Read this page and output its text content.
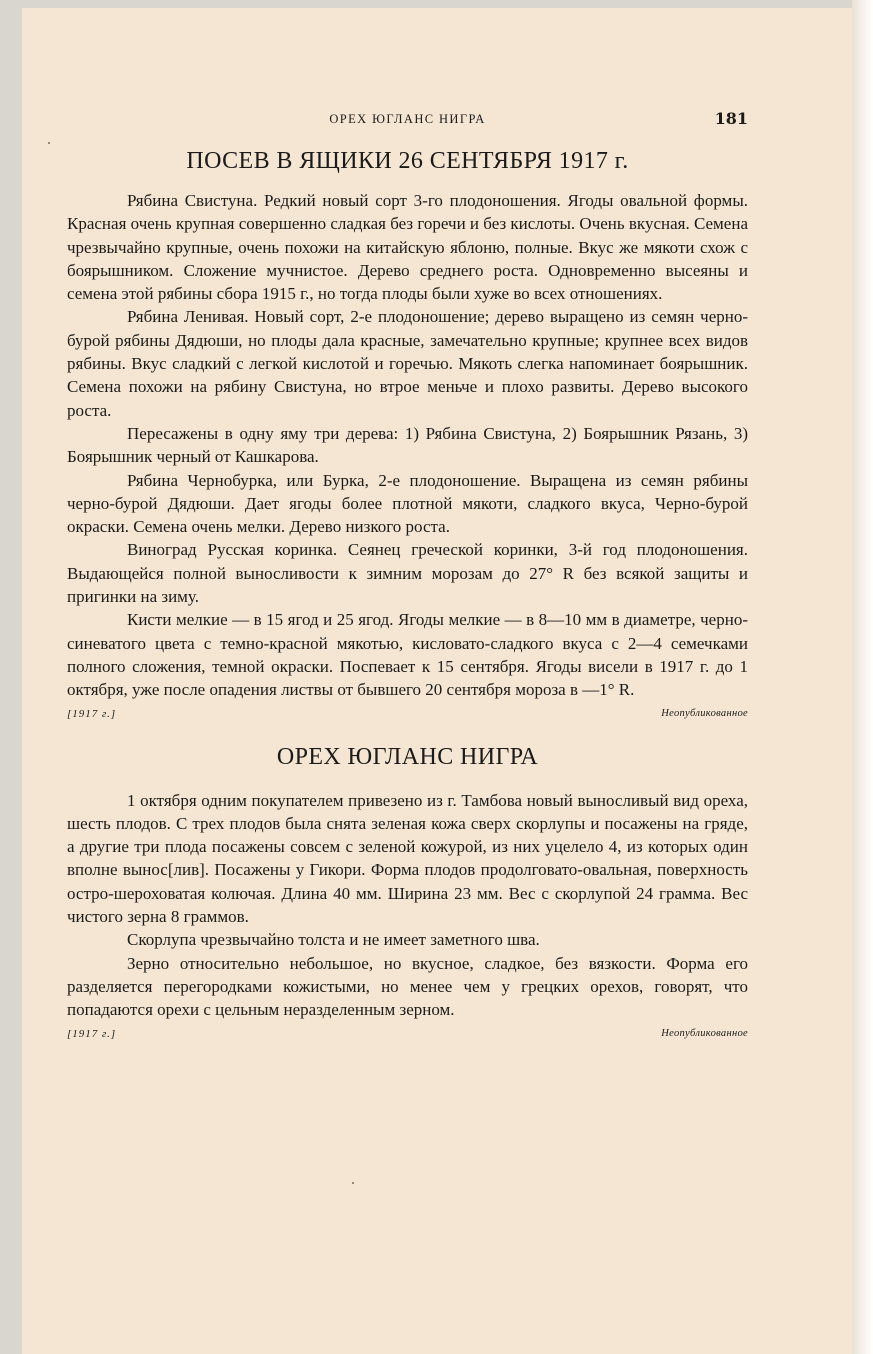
ОРЕХ ЮГЛАНС НИГРА	181
ПОСЕВ В ЯЩИКИ 26 СЕНТЯБРЯ 1917 г.

Рябина Свистуна. Редкий новый сорт 3-го плодоношения. Ягоды овальной формы. Красная очень крупная совершенно сладкая без горечи и без кислоты. Очень вкусная. Семена чрезвычайно крупные, очень похожи на китайскую яблоню, полные. Вкус же мякоти схож с боярышником. Сложение мучнистое. Дерево среднего роста. Одновременно высеяны и семена этой рябины сбора 1915 г., но тогда плоды были хуже во всех отношениях.

Рябина Ленивая. Новый сорт, 2-е плодоношение; дерево выращено из семян черно-бурой рябины Дядюши, но плоды дала красные, замечательно крупные; крупнее всех видов рябины. Вкус сладкий с легкой кислотой и горечью. Мякоть слегка напоминает боярышник. Семена похожи на рябину Свистуна, но втрое меньче и плохо развиты. Дерево высокого роста.

Пересажены в одну яму три дерева: 1) Рябина Свистуна, 2) Боярышник Рязань, 3) Боярышник черный от Кашкарова.

Рябина Чернобурка, или Бурка, 2-е плодоношение. Выращена из семян рябины черно-бурой Дядюши. Дает ягоды более плотной мякоти, сладкого вкуса, Черно-бурой окраски. Семена очень мелки. Дерево низкого роста.

Виноград Русская коринка. Сеянец греческой коринки, 3-й год плодоношения. Выдающейся полной выносливости к зимним морозам до 27° R без всякой защиты и пригинки на зиму.

Кисти мелкие — в 15 ягод и 25 ягод. Ягоды мелкие — в 8—10 мм в диаметре, черно-синеватого цвета с темно-красной мякотью, кисловато-сладкого вкуса с 2—4 семечками полного сложения, темной окраски. Поспевает к 15 сентября. Ягоды висели в 1917 г. до 1 октября, уже после опадения листвы от бывшего 20 сентября мороза в —1° R.

[1917 г.]	Неопубликованное
ОРЕХ ЮГЛАНС НИГРА

1 октября одним покупателем привезено из г. Тамбова новый выносливый вид ореха, шесть плодов. С трех плодов была снята зеленая кожа сверх скорлупы и посажены на гряде, а другие три плода посажены совсем с зеленой кожурой, из них уцелело 4, из которых один вполне вынос[лив]. Посажены у Гикори. Форма плодов продолговато-овальная, поверхность остро-шероховатая колючая. Длина 40 мм. Ширина 23 мм. Вес с скорлупой 24 грамма. Вес чистого зерна 8 граммов.

Скорлупа чрезвычайно толста и не имеет заметного шва.

Зерно относительно небольшое, но вкусное, сладкое, без вязкости. Форма его разделяется перегородками кожистыми, но менее чем у грецких орехов, говорят, что попадаются орехи с цельным неразделенным зерном.

[1917 г.]	Неопубликованное
